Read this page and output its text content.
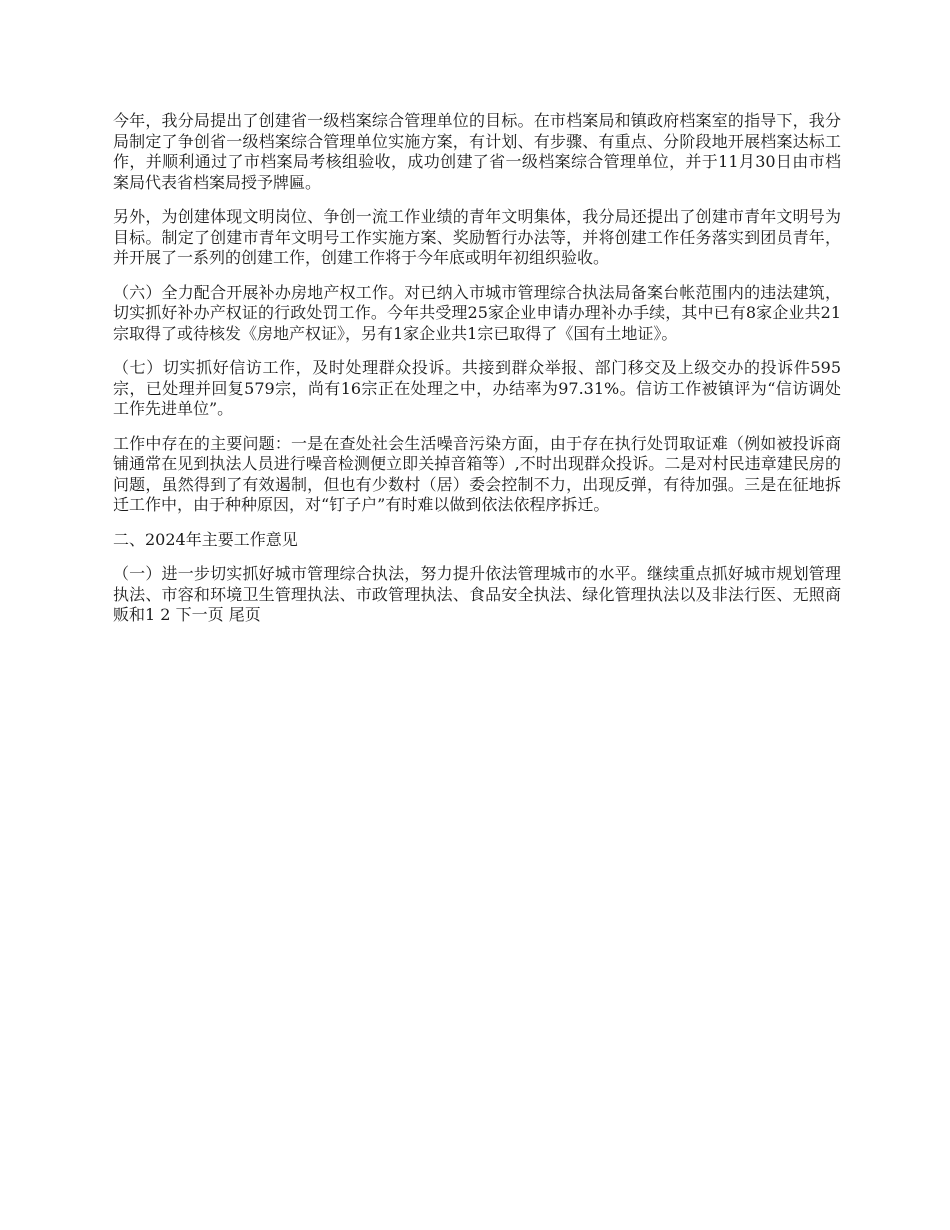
今年，我分局提出了创建省一级档案综合管理单位的目标。在市档案局和镇政府档案室的指导下，我分局制定了争创省一级档案综合管理单位实施方案，有计划、有步骤、有重点、分阶段地开展档案达标工作，并顺利通过了市档案局考核组验收，成功创建了省一级档案综合管理单位，并于11月30日由市档案局代表省档案局授予牌匾。

另外，为创建体现文明岗位、争创一流工作业绩的青年文明集体，我分局还提出了创建市青年文明号为目标。制定了创建市青年文明号工作实施方案、奖励暂行办法等，并将创建工作任务落实到团员青年，并开展了一系列的创建工作，创建工作将于今年底或明年初组织验收。

（六）全力配合开展补办房地产权工作。对已纳入市城市管理综合执法局备案台帐范围内的违法建筑，切实抓好补办产权证的行政处罚工作。今年共受理25家企业申请办理补办手续，其中已有8家企业共21宗取得了或待核发《房地产权证》，另有1家企业共1宗已取得了《国有土地证》。

（七）切实抓好信访工作，及时处理群众投诉。共接到群众举报、部门移交及上级交办的投诉件595宗，已处理并回复579宗，尚有16宗正在处理之中，办结率为97.31%。信访工作被镇评为“信访调处工作先进单位”。

工作中存在的主要问题：一是在查处社会生活噪音污染方面，由于存在执行处罚取证难（例如被投诉商铺通常在见到执法人员进行噪音检测便立即关掉音箱等）,不时出现群众投诉。二是对村民违章建民房的问题，虽然得到了有效遏制，但也有少数村（居）委会控制不力，出现反弹，有待加强。三是在征地拆迁工作中，由于种种原因，对“钉子户”有时难以做到依法依程序拆迁。

二、2024年主要工作意见

（一）进一步切实抓好城市管理综合执法，努力提升依法管理城市的水平。继续重点抓好城市规划管理执法、市容和环境卫生管理执法、市政管理执法、食品安全执法、绿化管理执法以及非法行医、无照商贩和1 2 下一页 尾页
